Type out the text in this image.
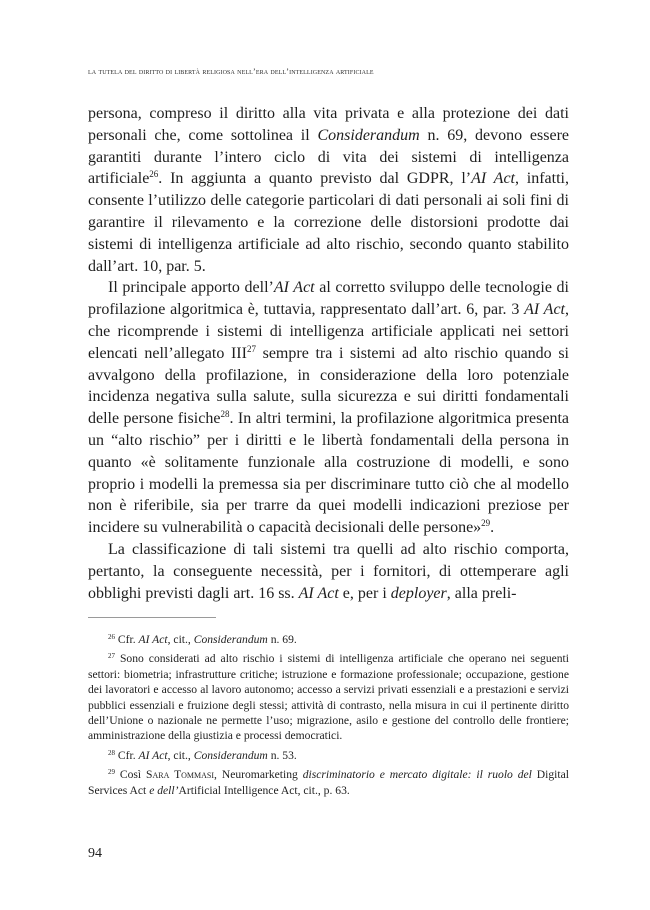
la tutela del diritto di libertà religiosa nell’era dell’intelligenza artificiale

persona, compreso il diritto alla vita privata e alla protezione dei dati personali che, come sottolinea il Considerandum n. 69, devono essere garantiti durante l’intero ciclo di vita dei sistemi di intelligenza artificiale$^{26}$. In aggiunta a quanto previsto dal GDPR, l’AI Act, infatti, consente l’utilizzo delle categorie particolari di dati personali ai soli fini di garantire il rilevamento e la correzione delle distorsioni prodotte dai sistemi di intelligenza artificiale ad alto rischio, secondo quanto stabilito dall’art. 10, par. 5.

Il principale apporto dell’AI Act al corretto sviluppo delle tecnologie di profilazione algoritmica è, tuttavia, rappresentato dall’art. 6, par. 3 AI Act, che ricomprende i sistemi di intelligenza artificiale applicati nei settori elencati nell’allegato III$^{27}$ sempre tra i sistemi ad alto rischio quando si avvalgono della profilazione, in considerazione della loro potenziale incidenza negativa sulla salute, sulla sicurezza e sui diritti fondamentali delle persone fisiche$^{28}$. In altri termini, la profilazione algoritmica presenta un “alto rischio” per i diritti e le libertà fondamentali della persona in quanto «è solitamente funzionale alla costruzione di modelli, e sono proprio i modelli la premessa sia per discriminare tutto ciò che al modello non è riferibile, sia per trarre da quei modelli indicazioni preziose per incidere su vulnerabilità o capacità decisionali delle persone»$^{29}$.

La classificazione di tali sistemi tra quelli ad alto rischio comporta, pertanto, la conseguente necessità, per i fornitori, di ottemperare agli obblighi previsti dagli art. 16 ss. AI Act e, per i deployer, alla preli-

$^{26}$ Cfr. AI Act, cit., Considerandum n. 69.

$^{27}$ Sono considerati ad alto rischio i sistemi di intelligenza artificiale che operano nei seguenti settori: biometria; infrastrutture critiche; istruzione e formazione professionale; occupazione, gestione dei lavoratori e accesso al lavoro autonomo; accesso a servizi privati essenziali e a prestazioni e servizi pubblici essenziali e fruizione degli stessi; attività di contrasto, nella misura in cui il pertinente diritto dell’Unione o nazionale ne permette l’uso; migrazione, asilo e gestione del controllo delle frontiere; amministrazione della giustizia e processi democratici.

$^{28}$ Cfr. AI Act, cit., Considerandum n. 53.

$^{29}$ Così Sara Tommasi, Neuromarketing discriminatorio e mercato digitale: il ruolo del Digital Services Act e dell’Artificial Intelligence Act, cit., p. 63.

94
